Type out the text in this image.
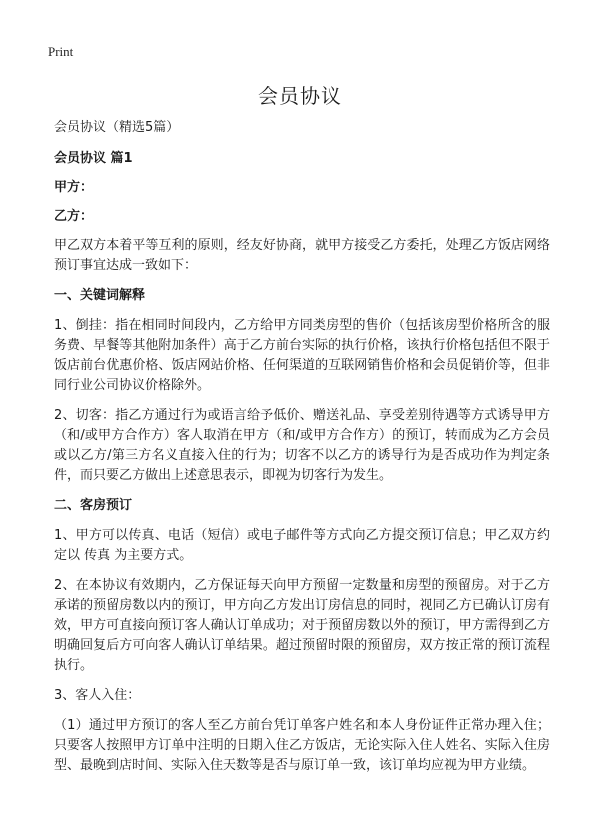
Print
会员协议

会员协议（精选5篇）

会员协议 篇1

甲方：

乙方：

甲乙双方本着平等互利的原则，经友好协商，就甲方接受乙方委托，处理乙方饭店网络预订事宜达成一致如下：

一、关键词解释

1、倒挂：指在相同时间段内，乙方给甲方同类房型的售价（包括该房型价格所含的服务费、早餐等其他附加条件）高于乙方前台实际的执行价格，该执行价格包括但不限于饭店前台优惠价格、饭店网站价格、任何渠道的互联网销售价格和会员促销价等，但非同行业公司协议价格除外。

2、切客：指乙方通过行为或语言给予低价、赠送礼品、享受差别待遇等方式诱导甲方（和/或甲方合作方）客人取消在甲方（和/或甲方合作方）的预订，转而成为乙方会员或以乙方/第三方名义直接入住的行为；切客不以乙方的诱导行为是否成功作为判定条件，而只要乙方做出上述意思表示，即视为切客行为发生。

二、客房预订

1、甲方可以传真、电话（短信）或电子邮件等方式向乙方提交预订信息；甲乙双方约定以 传真 为主要方式。

2、在本协议有效期内，乙方保证每天向甲方预留一定数量和房型的预留房。对于乙方承诺的预留房数以内的预订，甲方向乙方发出订房信息的同时，视同乙方已确认订房有效，甲方可直接向预订客人确认订单成功；对于预留房数以外的预订，甲方需得到乙方明确回复后方可向客人确认订单结果。超过预留时限的预留房，双方按正常的预订流程执行。

3、客人入住：

（1）通过甲方预订的客人至乙方前台凭订单客户姓名和本人身份证件正常办理入住；只要客人按照甲方订单中注明的日期入住乙方饭店，无论实际入住人姓名、实际入住房型、最晚到店时间、实际入住天数等是否与原订单一致，该订单均应视为甲方业绩。
